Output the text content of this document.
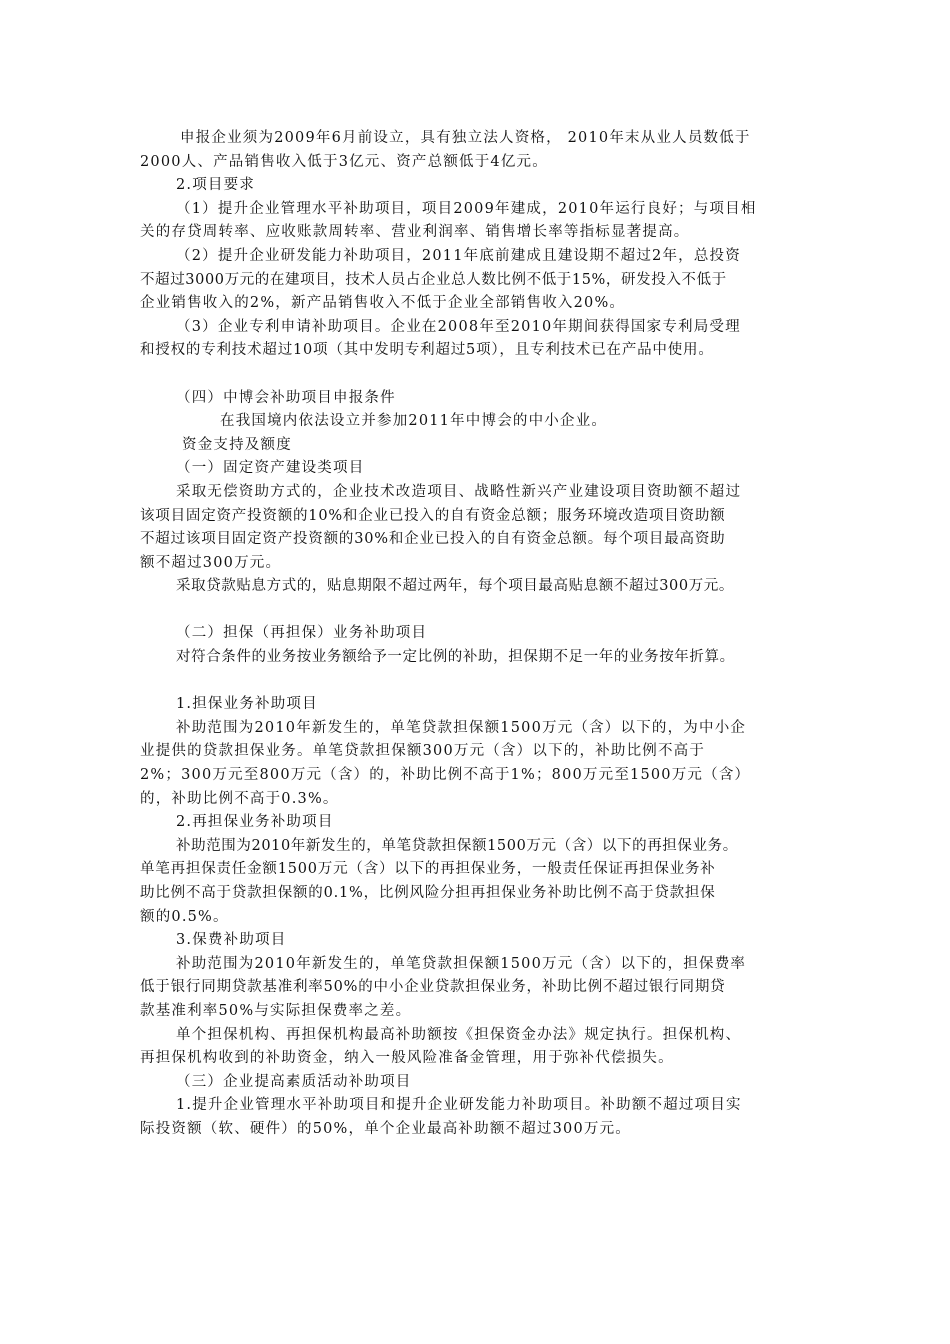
申报企业须为2009年6月前设立，具有独立法人资格， 2010年末从业人员数低于
2000人、产品销售收入低于3亿元、资产总额低于4亿元。
2.项目要求
（1）提升企业管理水平补助项目，项目2009年建成，2010年运行良好；与项目相
关的存贷周转率、应收账款周转率、营业利润率、销售增长率等指标显著提高。
（2）提升企业研发能力补助项目，2011年底前建成且建设期不超过2年，总投资
不超过3000万元的在建项目，技术人员占企业总人数比例不低于15%，研发投入不低于
企业销售收入的2%，新产品销售收入不低于企业全部销售收入20%。
（3）企业专利申请补助项目。企业在2008年至2010年期间获得国家专利局受理
和授权的专利技术超过10项（其中发明专利超过5项），且专利技术已在产品中使用。
（四）中博会补助项目申报条件
在我国境内依法设立并参加2011年中博会的中小企业。
资金支持及额度
（一）固定资产建设类项目
采取无偿资助方式的，企业技术改造项目、战略性新兴产业建设项目资助额不超过
该项目固定资产投资额的10%和企业已投入的自有资金总额；服务环境改造项目资助额
不超过该项目固定资产投资额的30%和企业已投入的自有资金总额。每个项目最高资助
额不超过300万元。
采取贷款贴息方式的，贴息期限不超过两年，每个项目最高贴息额不超过300万元。
（二）担保（再担保）业务补助项目
对符合条件的业务按业务额给予一定比例的补助，担保期不足一年的业务按年折算。
1.担保业务补助项目
补助范围为2010年新发生的，单笔贷款担保额1500万元（含）以下的，为中小企
业提供的贷款担保业务。单笔贷款担保额300万元（含）以下的，补助比例不高于
2%；300万元至800万元（含）的，补助比例不高于1%；800万元至1500万元（含）
的，补助比例不高于0.3%。
2.再担保业务补助项目
补助范围为2010年新发生的，单笔贷款担保额1500万元（含）以下的再担保业务。
单笔再担保责任金额1500万元（含）以下的再担保业务，一般责任保证再担保业务补
助比例不高于贷款担保额的0.1%，比例风险分担再担保业务补助比例不高于贷款担保
额的0.5%。
3.保费补助项目
补助范围为2010年新发生的，单笔贷款担保额1500万元（含）以下的，担保费率
低于银行同期贷款基准利率50%的中小企业贷款担保业务，补助比例不超过银行同期贷
款基准利率50%与实际担保费率之差。
单个担保机构、再担保机构最高补助额按《担保资金办法》规定执行。担保机构、
再担保机构收到的补助资金，纳入一般风险准备金管理，用于弥补代偿损失。
（三）企业提高素质活动补助项目
1.提升企业管理水平补助项目和提升企业研发能力补助项目。补助额不超过项目实
际投资额（软、硬件）的50%，单个企业最高补助额不超过300万元。
